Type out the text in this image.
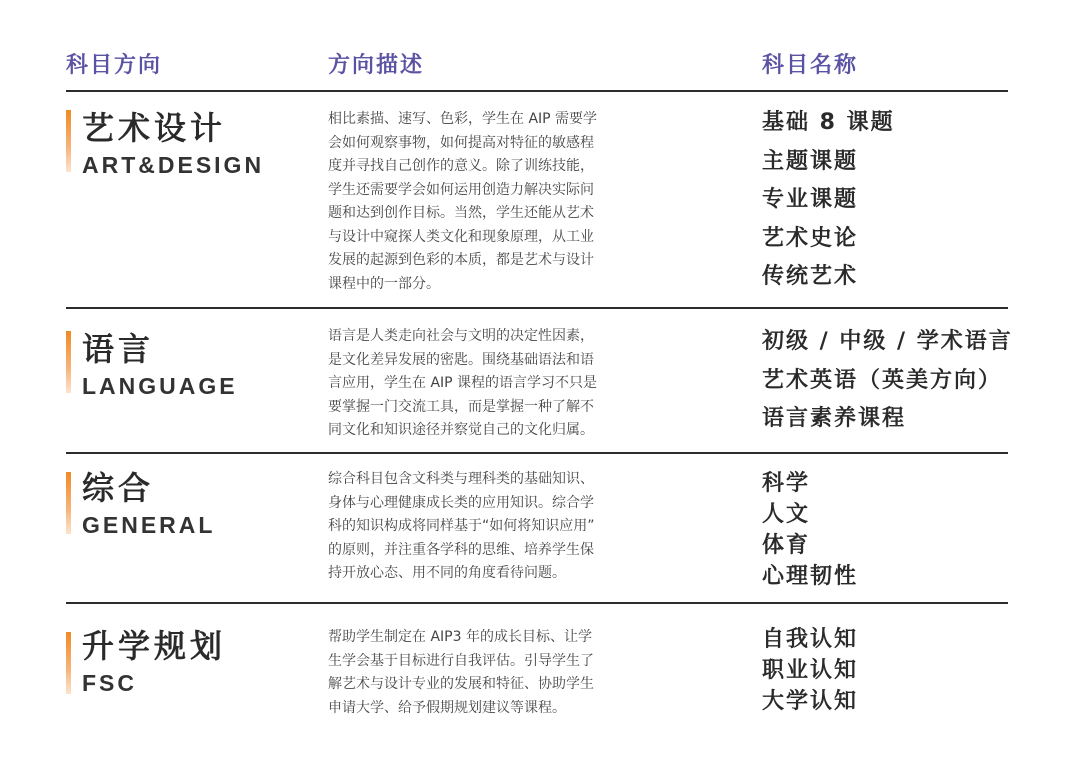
科目方向	方向描述	科目名称
艺术设计
ART&DESIGN
相比素描、速写、色彩，学生在 AIP 需要学
会如何观察事物，如何提高对特征的敏感程
度并寻找自己创作的意义。除了训练技能，
学生还需要学会如何运用创造力解决实际问
题和达到创作目标。当然，学生还能从艺术
与设计中窥探人类文化和现象原理，从工业
发展的起源到色彩的本质，都是艺术与设计
课程中的一部分。
基础 8 课题
主题课题
专业课题
艺术史论
传统艺术
语言
LANGUAGE
语言是人类走向社会与文明的决定性因素，
是文化差异发展的密匙。围绕基础语法和语
言应用，学生在 AIP 课程的语言学习不只是
要掌握一门交流工具，而是掌握一种了解不
同文化和知识途径并察觉自己的文化归属。
初级 / 中级 / 学术语言
艺术英语（英美方向）
语言素养课程
综合
GENERAL
综合科目包含文科类与理科类的基础知识、
身体与心理健康成长类的应用知识。综合学
科的知识构成将同样基于“如何将知识应用”
的原则，并注重各学科的思维、培养学生保
持开放心态、用不同的角度看待问题。
科学
人文
体育
心理韧性
升学规划
FSC
帮助学生制定在 AIP3 年的成长目标、让学
生学会基于目标进行自我评估。引导学生了
解艺术与设计专业的发展和特征、协助学生
申请大学、给予假期规划建议等课程。
自我认知
职业认知
大学认知
